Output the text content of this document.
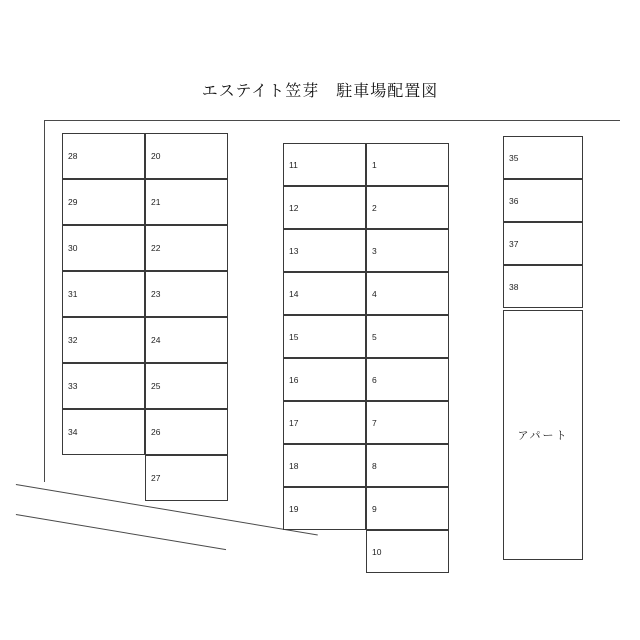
エステイト笠芽　駐車場配置図
アパート
28
29
30
31
32
33
34
20
21
22
23
24
25
26
27
11
12
13
14
15
16
17
18
19
1
2
3
4
5
6
7
8
9
10
35
36
37
38
